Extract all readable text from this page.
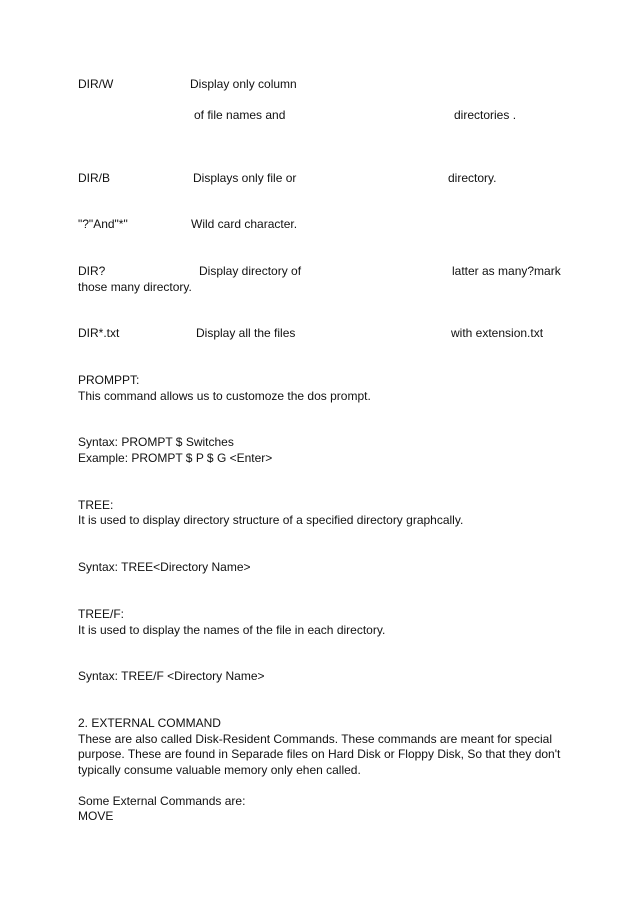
DIR/W	Display only column
of file names and	directories .
DIR/B	Displays only file or	directory.
"?"And"*"	Wild card character.
DIR?	Display directory of	latter as many?mark
those many directory.
DIR*.txt	Display all the files	with extension.txt
PROMPPT:
This command allows us to customoze the dos prompt.
Syntax: PROMPT $ Switches
Example: PROMPT $ P $ G <Enter>
TREE:
It is used to display directory structure of a specified directory graphcally.
Syntax: TREE<Directory Name>
TREE/F:
It is used to display the names of the file in each directory.
Syntax: TREE/F <Directory Name>
2. EXTERNAL COMMAND
These are also called Disk-Resident Commands. These commands are meant for special
purpose. These are found in Separade files on Hard Disk or Floppy Disk, So that they don't
typically consume valuable memory only ehen called.
Some External Commands are:
MOVE
